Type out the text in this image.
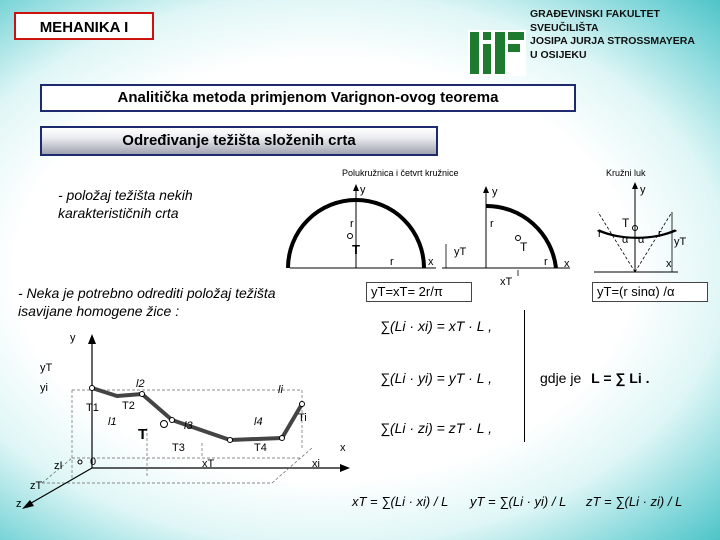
MEHANIKA I
GRAĐEVINSKI FAKULTET
SVEUČILIŠTA
JOSIPA JURJA STROSSMAYERA
U OSIJEKU
Analitička metoda primjenom Varignon-ovog teorema
Određivanje težišta složenih crta
- položaj težišta nekih karakterističnih crta
- Neka je potrebno odrediti položaj težišta isavijane homogene žice :
Polukružnica i četvrt kružnice
y
r
T
r	x
y
r
T
yT
r x
xT
yT=xT= 2r/π
Kružni luk
y
T
r α α r
yT
x
yT=(r sinα) /α
y
yT
yi
T1
l1
l2
T2
T	l3
T3
l4
T4
li
Ti
x
xi
xT
0
zI
zT
z
∑(Li · xi) = xT · L ,
∑(Li · yi) = yT · L ,
∑(Li · zi) = zT · L ,
gdje je L = ∑ Li .
xT = ∑(Li · xi) / L yT = ∑(Li · yi) / L zT = ∑(Li · zi) / L
